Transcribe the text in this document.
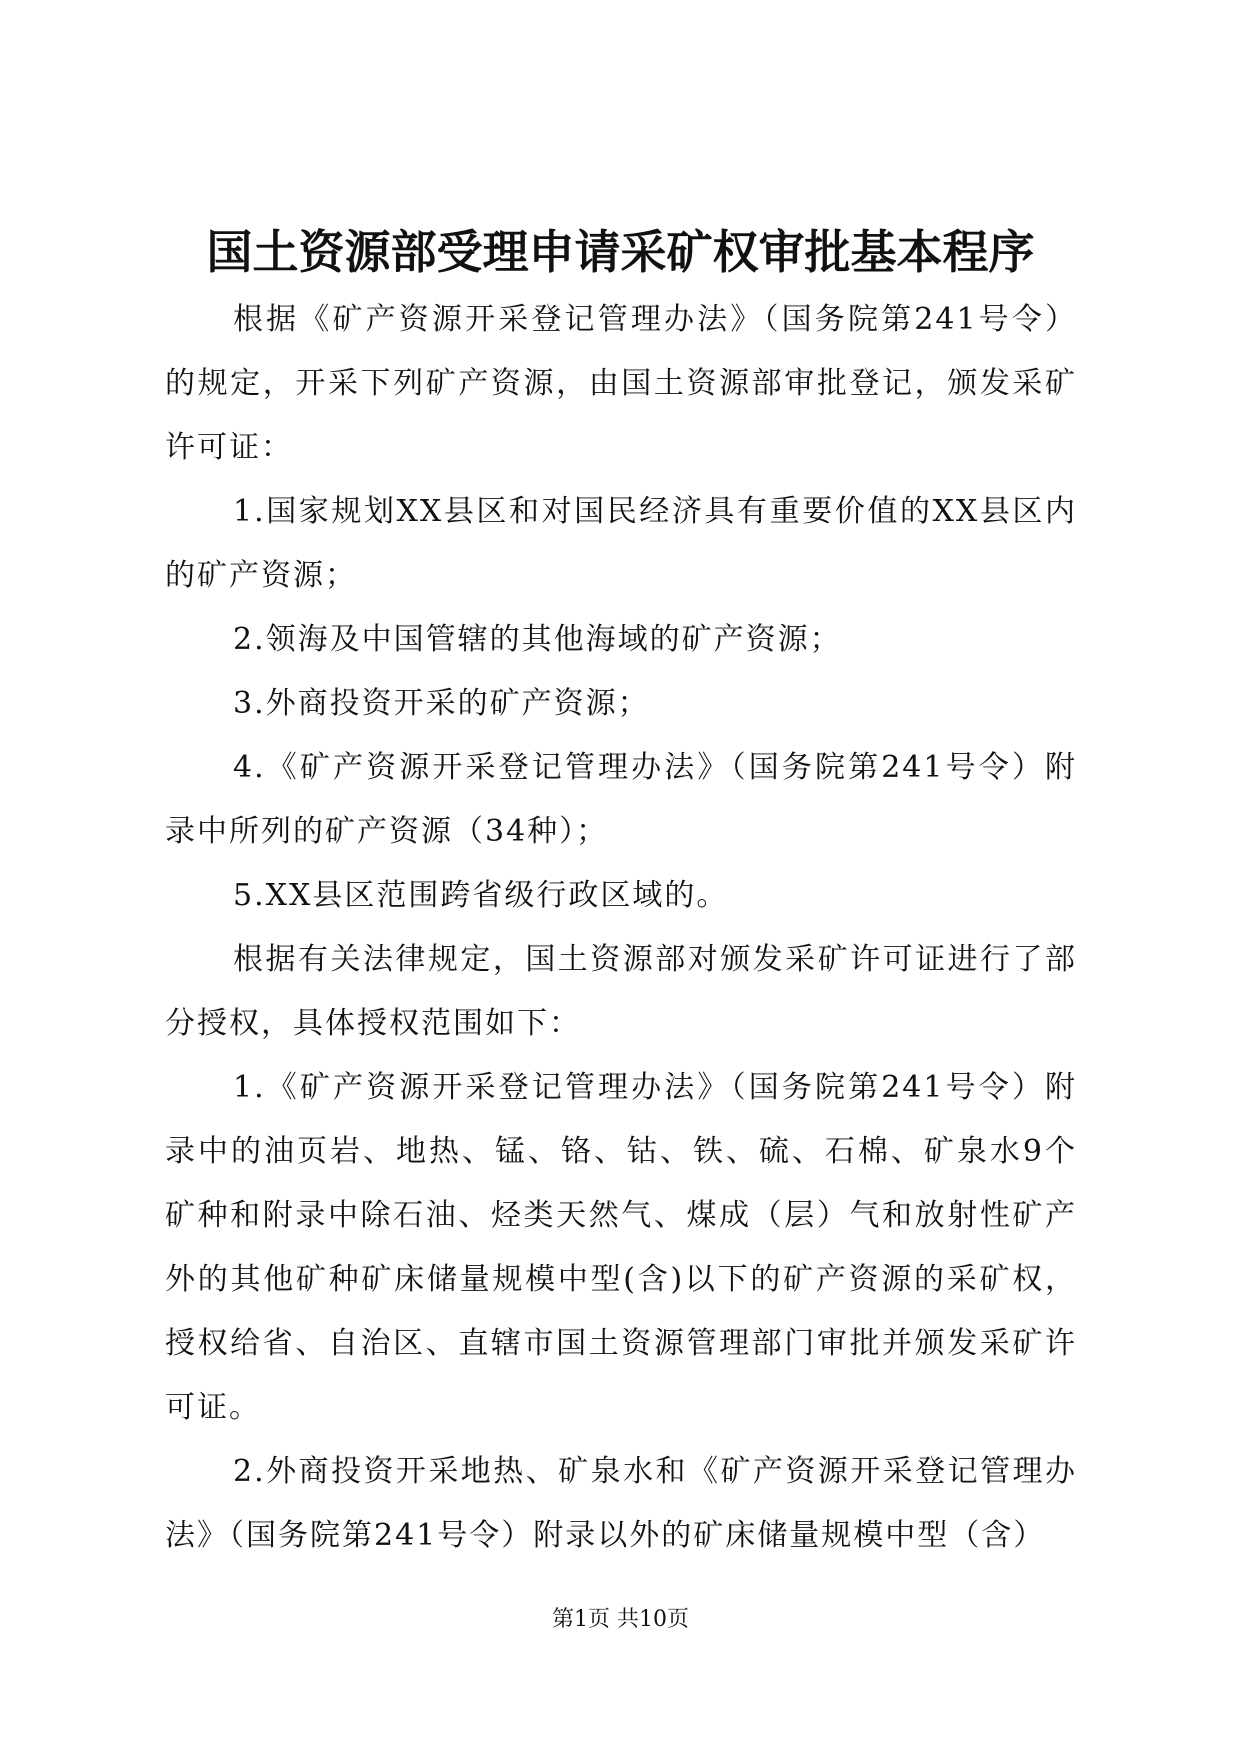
国土资源部受理申请采矿权审批基本程序

根据《矿产资源开采登记管理办法》（国务院第241号令）的规定，开采下列矿产资源，由国土资源部审批登记，颁发采矿许可证：

1.国家规划XX县区和对国民经济具有重要价值的XX县区内的矿产资源；

2.领海及中国管辖的其他海域的矿产资源；

3.外商投资开采的矿产资源；

4.《矿产资源开采登记管理办法》（国务院第241号令）附录中所列的矿产资源（34种）；

5.XX县区范围跨省级行政区域的。

根据有关法律规定，国土资源部对颁发采矿许可证进行了部分授权，具体授权范围如下：

1.《矿产资源开采登记管理办法》（国务院第241号令）附录中的油页岩、地热、锰、铬、钴、铁、硫、石棉、矿泉水9个矿种和附录中除石油、烃类天然气、煤成（层）气和放射性矿产外的其他矿种矿床储量规模中型(含)以下的矿产资源的采矿权，授权给省、自治区、直辖市国土资源管理部门审批并颁发采矿许可证。

2.外商投资开采地热、矿泉水和《矿产资源开采登记管理办法》（国务院第241号令）附录以外的矿床储量规模中型（含）

第1页 共10页
